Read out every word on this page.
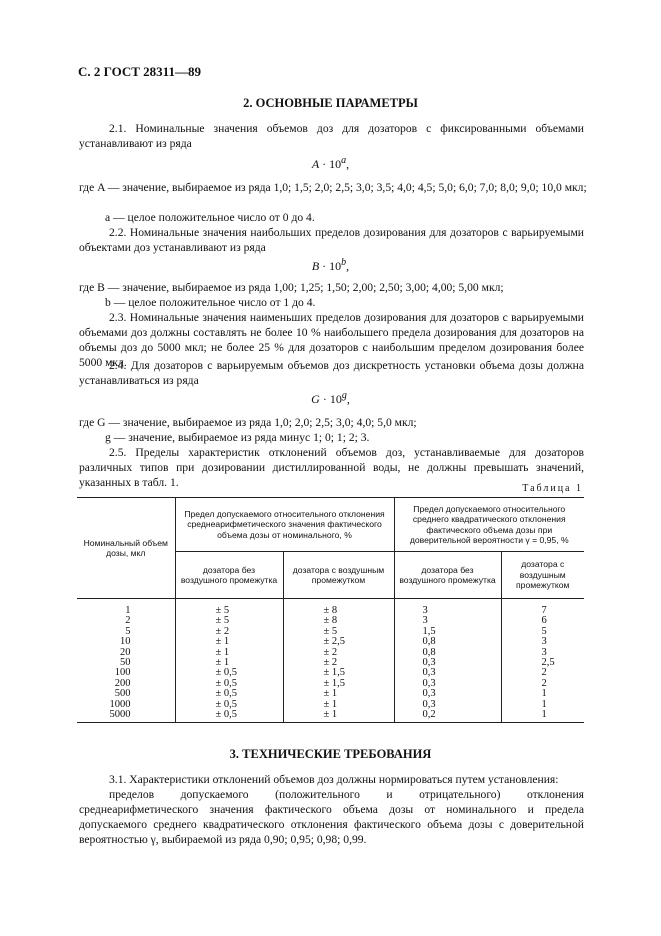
С. 2 ГОСТ 28311—89
2. ОСНОВНЫЕ ПАРАМЕТРЫ
2.1. Номинальные значения объемов доз для дозаторов с фиксированными объемами устанавливают из ряда
$A \cdot 10^a$,
где A — значение, выбираемое из ряда 1,0; 1,5; 2,0; 2,5; 3,0; 3,5; 4,0; 4,5; 5,0; 6,0; 7,0; 8,0; 9,0; 10,0 мкл;
a — целое положительное число от 0 до 4.
2.2. Номинальные значения наибольших пределов дозирования для дозаторов с варьируемыми объектами доз устанавливают из ряда
$B \cdot 10^b$,
где B — значение, выбираемое из ряда 1,00; 1,25; 1,50; 2,00; 2,50; 3,00; 4,00; 5,00 мкл;
b — целое положительное число от 1 до 4.
2.3. Номинальные значения наименьших пределов дозирования для дозаторов с варьируемыми объемами доз должны составлять не более 10 % наибольшего предела дозирования для дозаторов на объемы доз до 5000 мкл; не более 25 % для дозаторов с наибольшим пределом дозирования более 5000 мкл.
2.4. Для дозаторов с варьируемым объемов доз дискретность установки объема дозы должна устанавливаться из ряда
$G \cdot 10^g$,
где G — значение, выбираемое из ряда 1,0; 2,0; 2,5; 3,0; 4,0; 5,0 мкл;
g — значение, выбираемое из ряда минус 1; 0; 1; 2; 3.
2.5. Пределы характеристик отклонений объемов доз, устанавливаемые для дозаторов различных типов при дозировании дистиллированной воды, не должны превышать значений, указанных в табл. 1.	Таблица 1
Номинальный объем дозы, мкл	Предел допускаемого относительного отклонения среднеарифметического значения фактического объема дозы от номинального, %		Предел допускаемого относительного среднего квадратического отклонения фактического объема дозы при доверительной вероятности γ = 0,95, %	
	дозатора без воздушного промежутка	дозатора с воздушным промежутком	дозатора без воздушного промежутка	дозатора с воздушным промежутком
1	± 5	± 8	3	7
2	± 5	± 8	3	6
5	± 2	± 5	1,5	5
10	± 1	± 2,5	0,8	3
20	± 1	± 2	0,8	3
50	± 1	± 2	0,3	2,5
100	± 0,5	± 1,5	0,3	2
200	± 0,5	± 1,5	0,3	2
500	± 0,5	± 1	0,3	1
1000	± 0,5	± 1	0,3	1
5000	± 0,5	± 1	0,2	1
3. ТЕХНИЧЕСКИЕ ТРЕБОВАНИЯ
3.1. Характеристики отклонений объемов доз должны нормироваться путем установления:
пределов допускаемого (положительного и отрицательного) отклонения среднеарифметического значения фактического объема дозы от номинального и предела допускаемого среднего квадратического отклонения фактического объема дозы с доверительной вероятностью γ, выбираемой из ряда 0,90; 0,95; 0,98; 0,99.
